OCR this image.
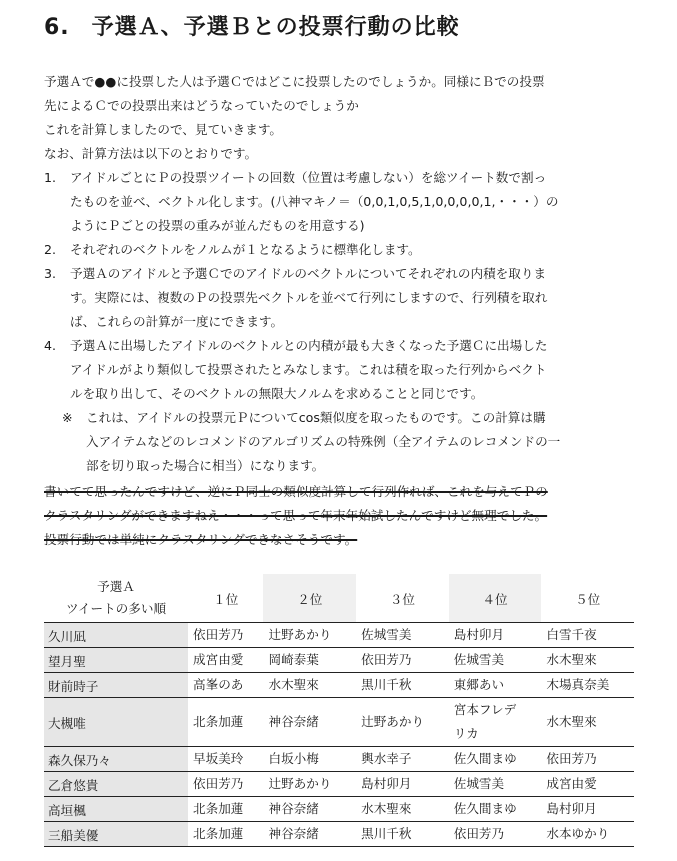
6. 予選Ａ、予選Ｂとの投票行動の比較
予選Ａで●●に投票した人は予選Ｃではどこに投票したのでしょうか。同様にＢでの投票
先によるＣでの投票出来はどうなっていたのでしょうか
これを計算しましたので、見ていきます。
なお、計算方法は以下のとおりです。
1. アイドルごとにＰの投票ツイートの回数（位置は考慮しない）を総ツイート数で割っ
たものを並べ、ベクトル化します。(八神マキノ＝（0,0,1,0,5,1,0,0,0,0,1,・・・）の
ようにＰごとの投票の重みが並んだものを用意する)
2. それぞれのベクトルをノルムが１となるように標準化します。
3. 予選Ａのアイドルと予選Ｃでのアイドルのベクトルについてそれぞれの内積を取りま
す。実際には、複数のＰの投票先ベクトルを並べて行列にしますので、行列積を取れ
ば、これらの計算が一度にできます。
4. 予選Ａに出場したアイドルのベクトルとの内積が最も大きくなった予選Ｃに出場した
アイドルがより類似して投票されたとみなします。これは積を取った行列からベクト
ルを取り出して、そのベクトルの無限大ノルムを求めることと同じです。
※ これは、アイドルの投票元Ｐについてcos類似度を取ったものです。この計算は購
入アイテムなどのレコメンドのアルゴリズムの特殊例（全アイテムのレコメンドの一
部を切り取った場合に相当）になります。
書いてて思ったんですけど、逆にＰ同士の類似度計算して行列作れば、これを与えてＰの
クラスタリングができますねえ・・・って思って年末年始試したんですけど無理でした。
投票行動では単純にクラスタリングできなさそうです。
予選Ａ
ツイートの多い順	１位	２位	３位	４位	５位
久川凪	依田芳乃	辻野あかり	佐城雪美	島村卯月	白雪千夜

望月聖	成宮由愛	岡崎泰葉	依田芳乃	佐城雪美	水木聖來

財前時子	高峯のあ	水木聖來	黒川千秋	東郷あい	木場真奈美

大槻唯	北条加蓮	神谷奈緒	辻野あかり	宮本フレデ
リカ	水木聖來

森久保乃々	早坂美玲	白坂小梅	輿水幸子	佐久間まゆ	依田芳乃

乙倉悠貴	依田芳乃	辻野あかり	島村卯月	佐城雪美	成宮由愛

高垣楓	北条加蓮	神谷奈緒	水木聖來	佐久間まゆ	島村卯月

三船美優	北条加蓮	神谷奈緒	黒川千秋	依田芳乃	水本ゆかり
